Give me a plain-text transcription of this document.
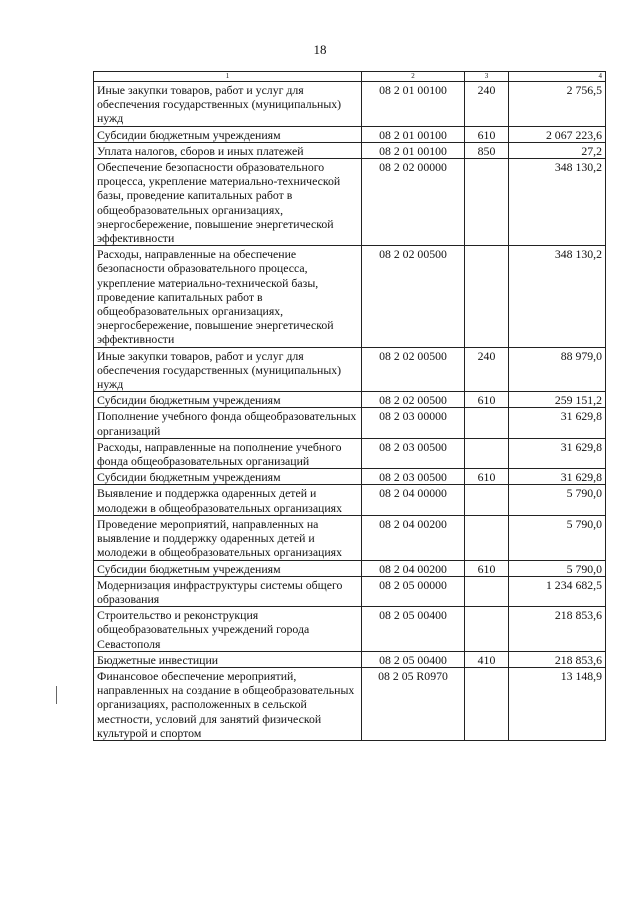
18
1	2	3	4
Иные закупки товаров, работ и услуг для обеспечения государственных (муниципальных) нужд	08 2 01 00100	240	2 756,5
Субсидии бюджетным учреждениям	08 2 01 00100	610	2 067 223,6
Уплата налогов, сборов и иных платежей	08 2 01 00100	850	27,2
Обеспечение безопасности образовательного процесса, укрепление материально-технической базы, проведение капитальных работ в общеобразовательных организациях, энергосбережение, повышение энергетической эффективности	08 2 02 00000		348 130,2
Расходы, направленные на обеспечение безопасности образовательного процесса, укрепление материально-технической базы, проведение капитальных работ в общеобразовательных организациях, энергосбережение, повышение энергетической эффективности	08 2 02 00500		348 130,2
Иные закупки товаров, работ и услуг для обеспечения государственных (муниципальных) нужд	08 2 02 00500	240	88 979,0
Субсидии бюджетным учреждениям	08 2 02 00500	610	259 151,2
Пополнение учебного фонда общеобразовательных организаций	08 2 03 00000		31 629,8
Расходы, направленные на пополнение учебного фонда общеобразовательных организаций	08 2 03 00500		31 629,8
Субсидии бюджетным учреждениям	08 2 03 00500	610	31 629,8
Выявление и поддержка одаренных детей и молодежи в общеобразовательных организациях	08 2 04 00000		5 790,0
Проведение мероприятий, направленных на выявление и поддержку одаренных детей и молодежи в общеобразовательных организациях	08 2 04 00200		5 790,0
Субсидии бюджетным учреждениям	08 2 04 00200	610	5 790,0
Модернизация инфраструктуры системы общего образования	08 2 05 00000		1 234 682,5
Строительство и реконструкция общеобразовательных учреждений города Севастополя	08 2 05 00400		218 853,6
Бюджетные инвестиции	08 2 05 00400	410	218 853,6
Финансовое обеспечение мероприятий, направленных на создание в общеобразовательных организациях, расположенных в сельской местности, условий для занятий физической культурой и спортом	08 2 05 R0970		13 148,9
